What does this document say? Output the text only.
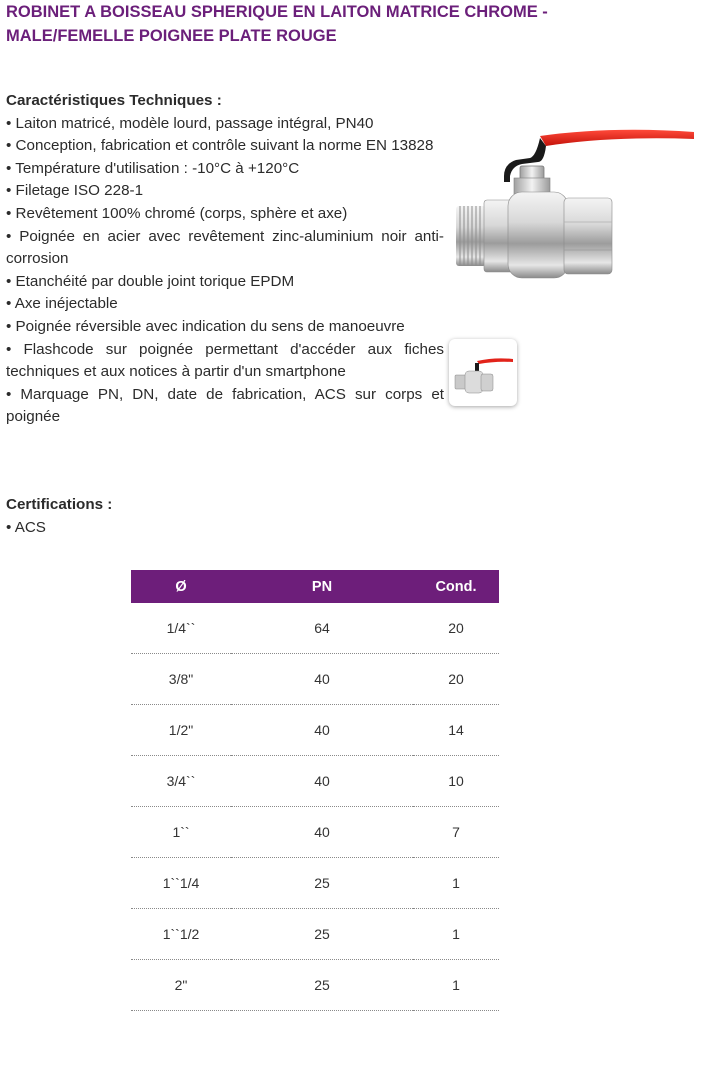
ROBINET A BOISSEAU SPHERIQUE EN LAITON MATRICE CHROME - MALE/FEMELLE POIGNEE PLATE ROUGE
Caractéristiques Techniques :
• Laiton matricé, modèle lourd, passage intégral, PN40
• Conception, fabrication et contrôle suivant la norme EN 13828
• Température d'utilisation : -10°C à +120°C
• Filetage ISO 228-1
• Revêtement 100% chromé (corps, sphère et axe)
• Poignée en acier avec revêtement zinc-aluminium noir anti-corrosion
• Etanchéité par double joint torique EPDM
• Axe inéjectable
• Poignée réversible avec indication du sens de manoeuvre
• Flashcode sur poignée permettant d'accéder aux fiches techniques et aux notices à partir d'un smartphone
• Marquage PN, DN, date de fabrication, ACS sur corps et poignée
Certifications :
• ACS
Ø	PN	Cond.
1/4``	64	20
3/8"	40	20
1/2"	40	14
3/4``	40	10
1``	40	7
1``1/4	25	1
1``1/2	25	1
2"	25	1
